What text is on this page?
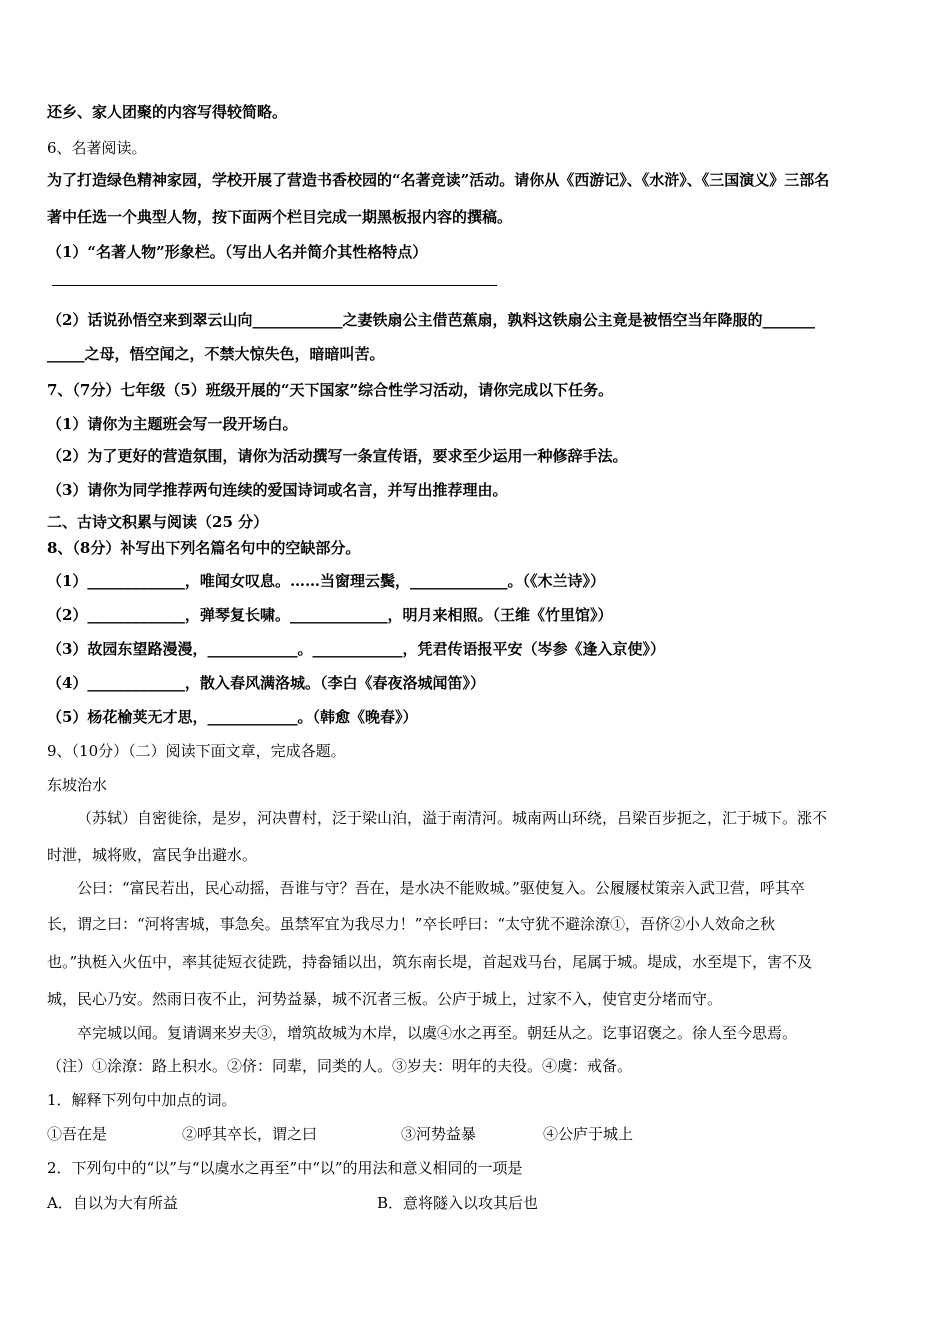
还乡、家人团聚的内容写得较简略。
6、名著阅读。
为了打造绿色精神家园，学校开展了营造书香校园的“名著竞读”活动。请你从《西游记》、《水浒》、《三国演义》三部名
著中任选一个典型人物，按下面两个栏目完成一期黑板报内容的撰稿。
（1）“名著人物”形象栏。（写出人名并简介其性格特点）
（2）话说孙悟空来到翠云山向____________之妻铁扇公主借芭蕉扇，孰料这铁扇公主竟是被悟空当年降服的_______
_____之母，悟空闻之，不禁大惊失色，暗暗叫苦。
7、（7分）七年级（5）班级开展的“天下国家”综合性学习活动，请你完成以下任务。
（1）请你为主题班会写一段开场白。
（2）为了更好的营造氛围，请你为活动撰写一条宣传语，要求至少运用一种修辞手法。
（3）请你为同学推荐两句连续的爱国诗词或名言，并写出推荐理由。
二、古诗文积累与阅读（25 分）
8、（8分）补写出下列名篇名句中的空缺部分。
（1）_____________，唯闻女叹息。……当窗理云鬓，_____________。（《木兰诗》）
（2）_____________，弹琴复长啸。_____________，明月来相照。（王维《竹里馆》）
（3）故园东望路漫漫，____________。____________，凭君传语报平安（岑参《逢入京使》）
（4）_____________，散入春风满洛城。（李白《春夜洛城闻笛》）
（5）杨花榆荚无才思，____________。（韩愈《晚春》）
9、（10分）（二）阅读下面文章，完成各题。
东坡治水
（苏轼）自密徙徐，是岁，河决曹村，泛于梁山泊，溢于南清河。城南两山环绕，吕梁百步扼之，汇于城下。涨不
时泄，城将败，富民争出避水。
公曰：“富民若出，民心动摇，吾谁与守？吾在，是水决不能败城。”驱使复入。公履屦杖策亲入武卫营，呼其卒
长，谓之曰：“河将害城，事急矣。虽禁军宜为我尽力！”卒长呼曰：“太守犹不避涂潦①，吾侪②小人效命之秋
也。”执梃入火伍中，率其徒短衣徒跣，持畚锸以出，筑东南长堤，首起戏马台，尾属于城。堤成，水至堤下，害不及
城，民心乃安。然雨日夜不止，河势益暴，城不沉者三板。公庐于城上，过家不入，使官吏分堵而守。
卒完城以闻。复请调来岁夫③，增筑故城为木岸，以虞④水之再至。朝廷从之。讫事诏褒之。徐人至今思焉。
（注）①涂潦：路上积水。②侪：同辈，同类的人。③岁夫：明年的夫役。④虞：戒备。
1．解释下列句中加点的词。
①吾在是	②呼其卒长，谓之曰	③河势益暴	④公庐于城上
2．下列句中的“以”与“以虞水之再至”中“以”的用法和意义相同的一项是
A．自以为大有所益	B．意将隧入以攻其后也
